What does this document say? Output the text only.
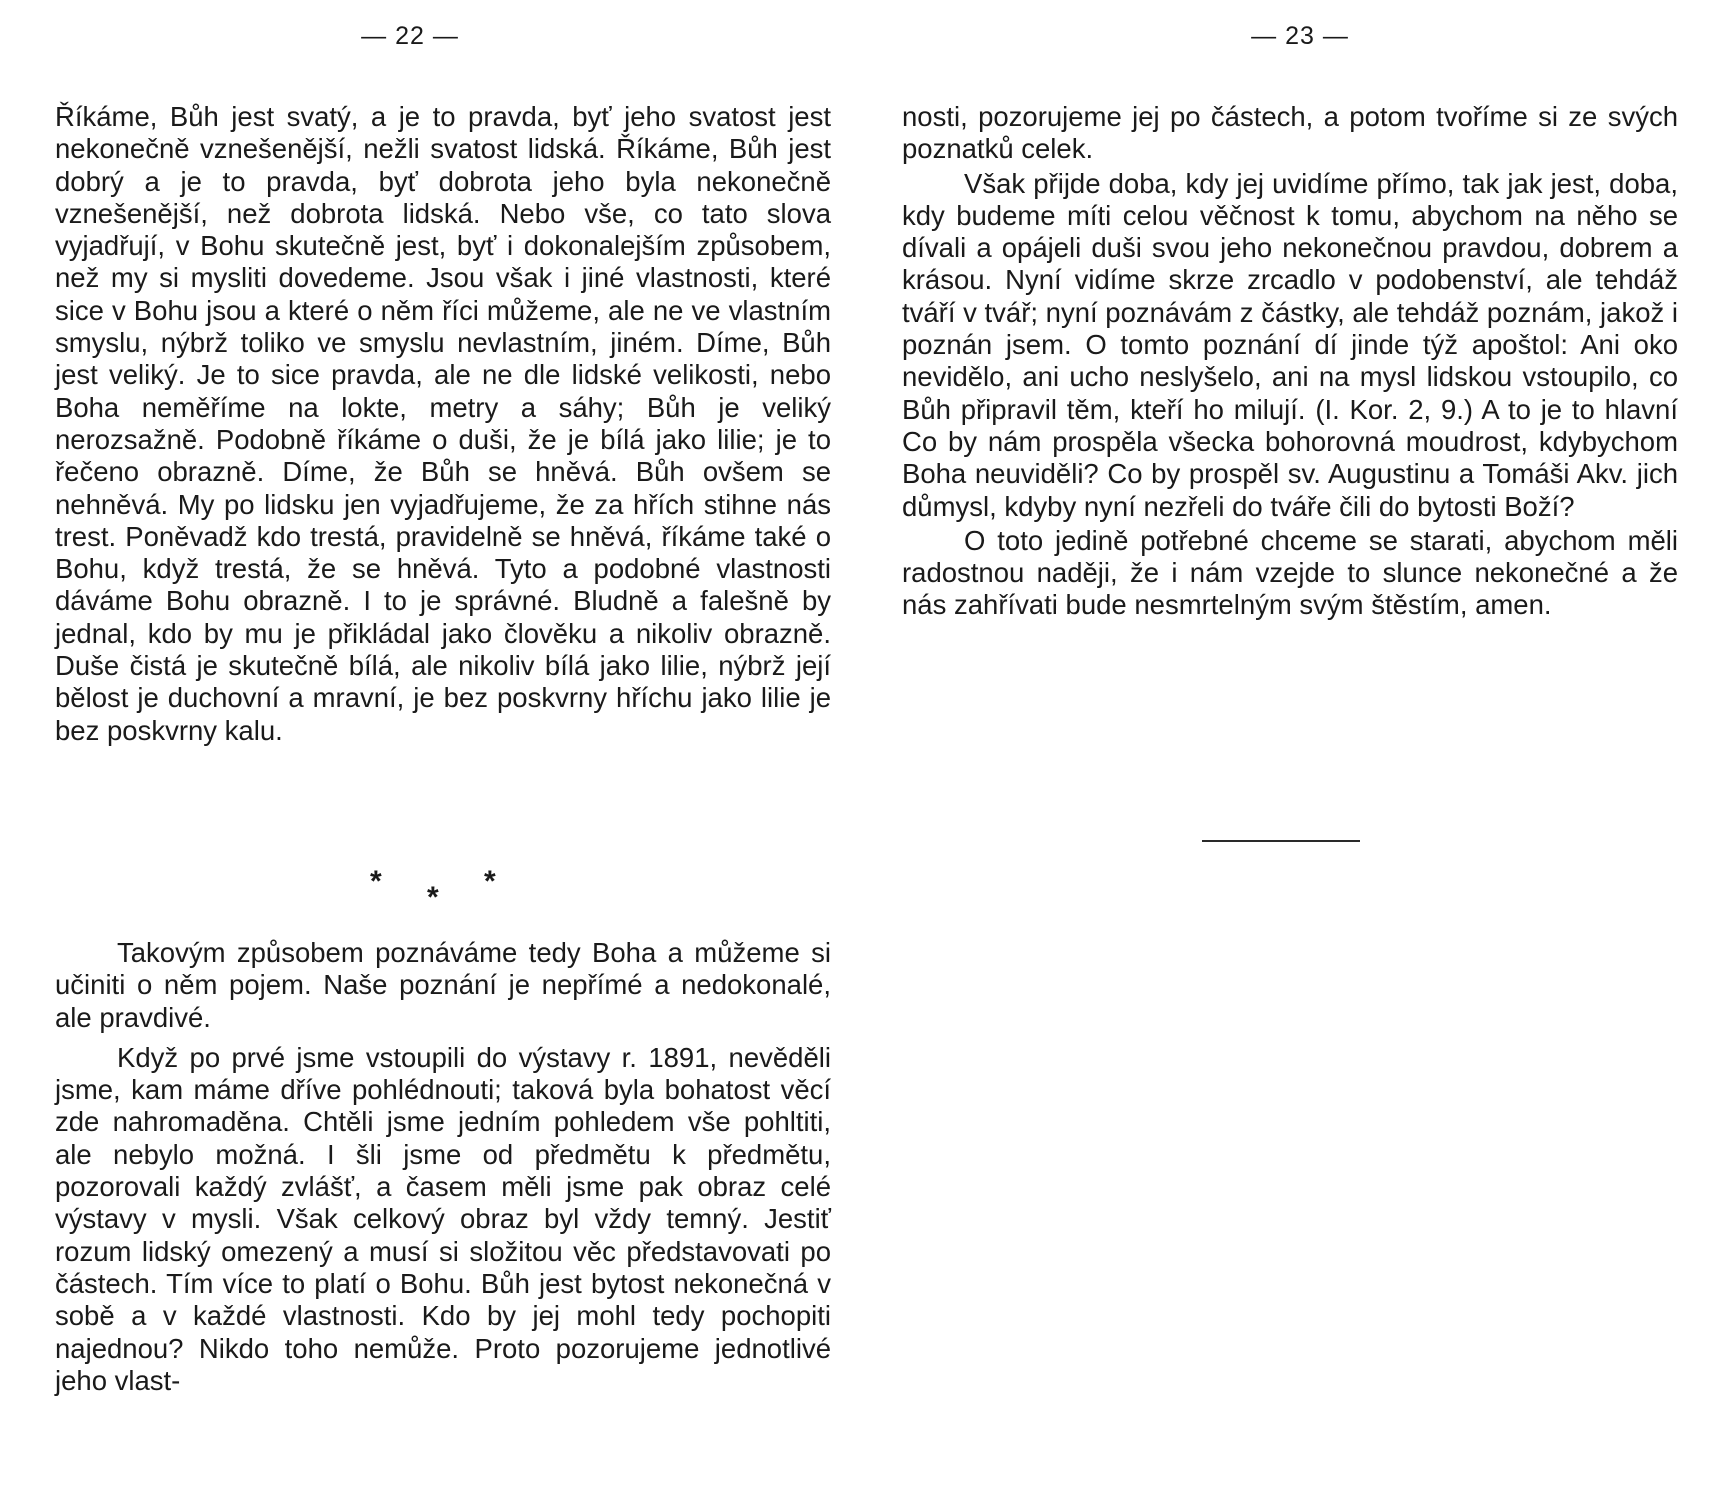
— 22 —

Říkáme, Bůh jest svatý, a je to pravda, byť jeho svatost jest nekonečně vznešenější, nežli svatost lidská. Říkáme, Bůh jest dobrý a je to pravda, byť dobrota jeho byla nekonečně vznešenější, než dobrota lidská. Nebo vše, co tato slova vyjadřují, v Bohu skutečně jest, byť i dokonalejším způsobem, než my si mysliti dovedeme. Jsou však i jiné vlastnosti, které sice v Bohu jsou a které o něm říci můžeme, ale ne ve vlastním smyslu, nýbrž toliko ve smyslu nevlastním, jiném. Díme, Bůh jest veliký. Je to sice pravda, ale ne dle lidské velikosti, nebo Boha neměříme na lokte, metry a sáhy; Bůh je veliký nerozsažně. Podobně říkáme o duši, že je bílá jako lilie; je to řečeno obrazně. Díme, že Bůh se hněvá. Bůh ovšem se nehněvá. My po lidsku jen vyjadřujeme, že za hřích stihne nás trest. Poněvadž kdo trestá, pravidelně se hněvá, říkáme také o Bohu, když trestá, že se hněvá. Tyto a podobné vlastnosti dáváme Bohu obrazně. I to je správné. Bludně a falešně by jednal, kdo by mu je přikládal jako člověku a nikoliv obrazně. Duše čistá je skutečně bílá, ale nikoliv bílá jako lilie, nýbrž její bělost je duchovní a mravní, je bez poskvrny hříchu jako lilie je bez poskvrny kalu.

*	*
*

Takovým způsobem poznáváme tedy Boha a můžeme si učiniti o něm pojem. Naše poznání je nepřímé a nedokonalé, ale pravdivé.

Když po prvé jsme vstoupili do výstavy r. 1891, nevěděli jsme, kam máme dříve pohlédnouti; taková byla bohatost věcí zde nahromaděna. Chtěli jsme jedním pohledem vše pohltiti, ale nebylo možná. I šli jsme od předmětu k předmětu, pozorovali každý zvlášť, a časem měli jsme pak obraz celé výstavy v mysli. Však celkový obraz byl vždy temný. Jestiť rozum lidský omezený a musí si složitou věc představovati po částech. Tím více to platí o Bohu. Bůh jest bytost nekonečná v sobě a v každé vlastnosti. Kdo by jej mohl tedy pochopiti najednou? Nikdo toho nemůže. Proto pozorujeme jednotlivé jeho vlast-

— 23 —

nosti, pozorujeme jej po částech, a potom tvoříme si ze svých poznatků celek.

Však přijde doba, kdy jej uvidíme přímo, tak jak jest, doba, kdy budeme míti celou věčnost k tomu, abychom na něho se dívali a opájeli duši svou jeho nekonečnou pravdou, dobrem a krásou. Nyní vidíme skrze zrcadlo v podobenství, ale tehdáž tváří v tvář; nyní poznávám z částky, ale tehdáž poznám, jakož i poznán jsem. O tomto poznání dí jinde týž apoštol: Ani oko nevidělo, ani ucho neslyšelo, ani na mysl lidskou vstoupilo, co Bůh připravil těm, kteří ho milují. (I. Kor. 2, 9.) A to je to hlavní Co by nám prospěla všecka bohorovná moudrost, kdybychom Boha neuviděli? Co by prospěl sv. Augustinu a Tomáši Akv. jich důmysl, kdyby nyní nezřeli do tváře čili do bytosti Boží?

O toto jedině potřebné chceme se starati, abychom měli radostnou naději, že i nám vzejde to slunce nekonečné a že nás zahřívati bude nesmrtelným svým štěstím, amen.
